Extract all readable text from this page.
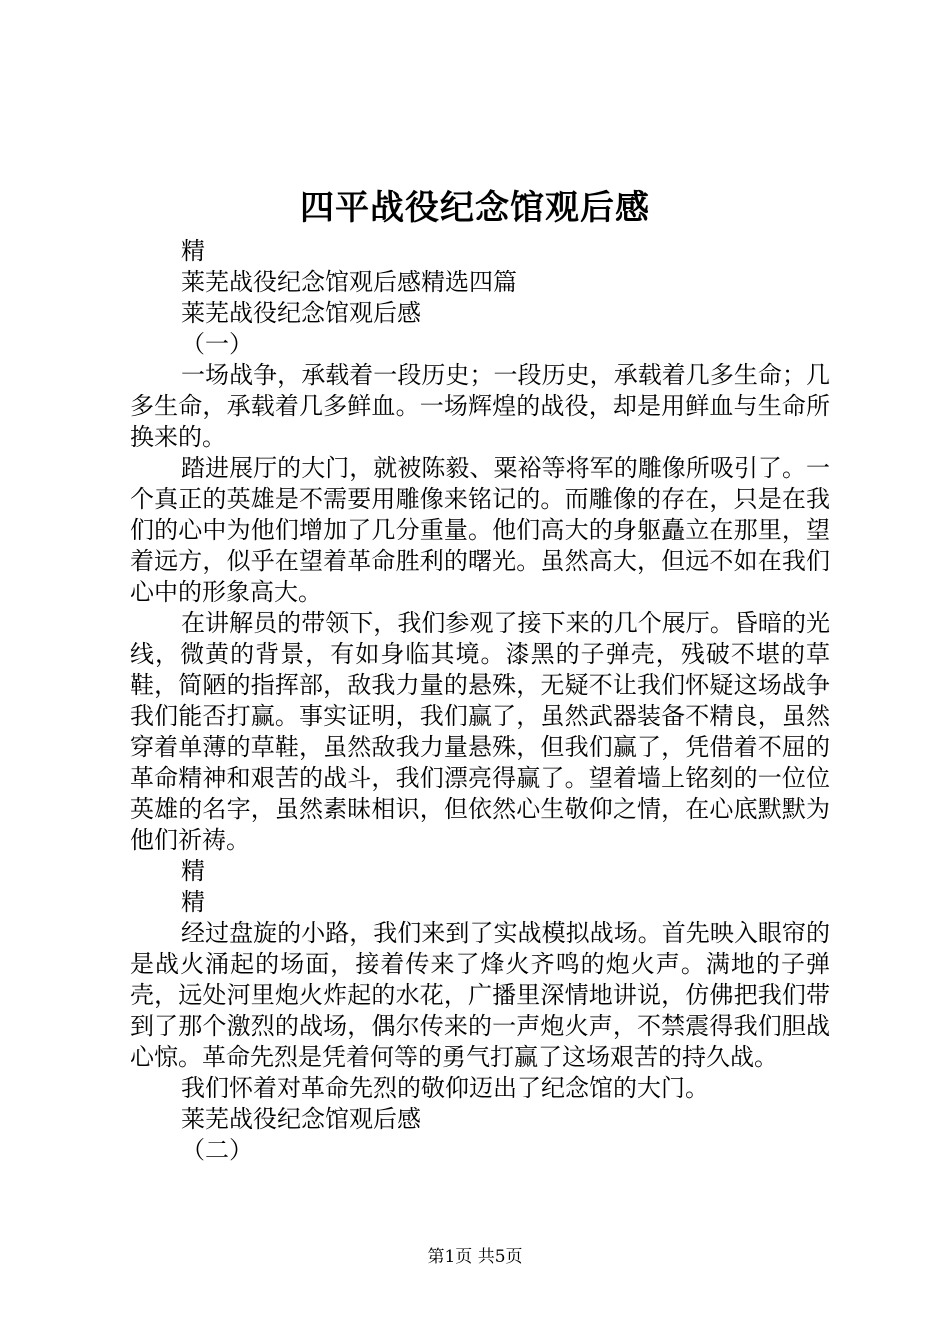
四平战役纪念馆观后感

精

莱芜战役纪念馆观后感精选四篇

莱芜战役纪念馆观后感

（一）

一场战争，承载着一段历史；一段历史，承载着几多生命；几多生命，承载着几多鲜血。一场辉煌的战役，却是用鲜血与生命所换来的。

踏进展厅的大门，就被陈毅、粟裕等将军的雕像所吸引了。一个真正的英雄是不需要用雕像来铭记的。而雕像的存在，只是在我们的心中为他们增加了几分重量。他们高大的身躯矗立在那里，望着远方，似乎在望着革命胜利的曙光。虽然高大，但远不如在我们心中的形象高大。

在讲解员的带领下，我们参观了接下来的几个展厅。昏暗的光线，微黄的背景，有如身临其境。漆黑的子弹壳，残破不堪的草鞋，简陋的指挥部，敌我力量的悬殊，无疑不让我们怀疑这场战争我们能否打赢。事实证明，我们赢了，虽然武器装备不精良，虽然穿着单薄的草鞋，虽然敌我力量悬殊，但我们赢了，凭借着不屈的革命精神和艰苦的战斗，我们漂亮得赢了。望着墙上铭刻的一位位英雄的名字，虽然素昧相识，但依然心生敬仰之情，在心底默默为他们祈祷。

精

精

经过盘旋的小路，我们来到了实战模拟战场。首先映入眼帘的是战火涌起的场面，接着传来了烽火齐鸣的炮火声。满地的子弹壳，远处河里炮火炸起的水花，广播里深情地讲说，仿佛把我们带到了那个激烈的战场，偶尔传来的一声炮火声，不禁震得我们胆战心惊。革命先烈是凭着何等的勇气打赢了这场艰苦的持久战。

我们怀着对革命先烈的敬仰迈出了纪念馆的大门。

莱芜战役纪念馆观后感

（二）

第1页 共5页
